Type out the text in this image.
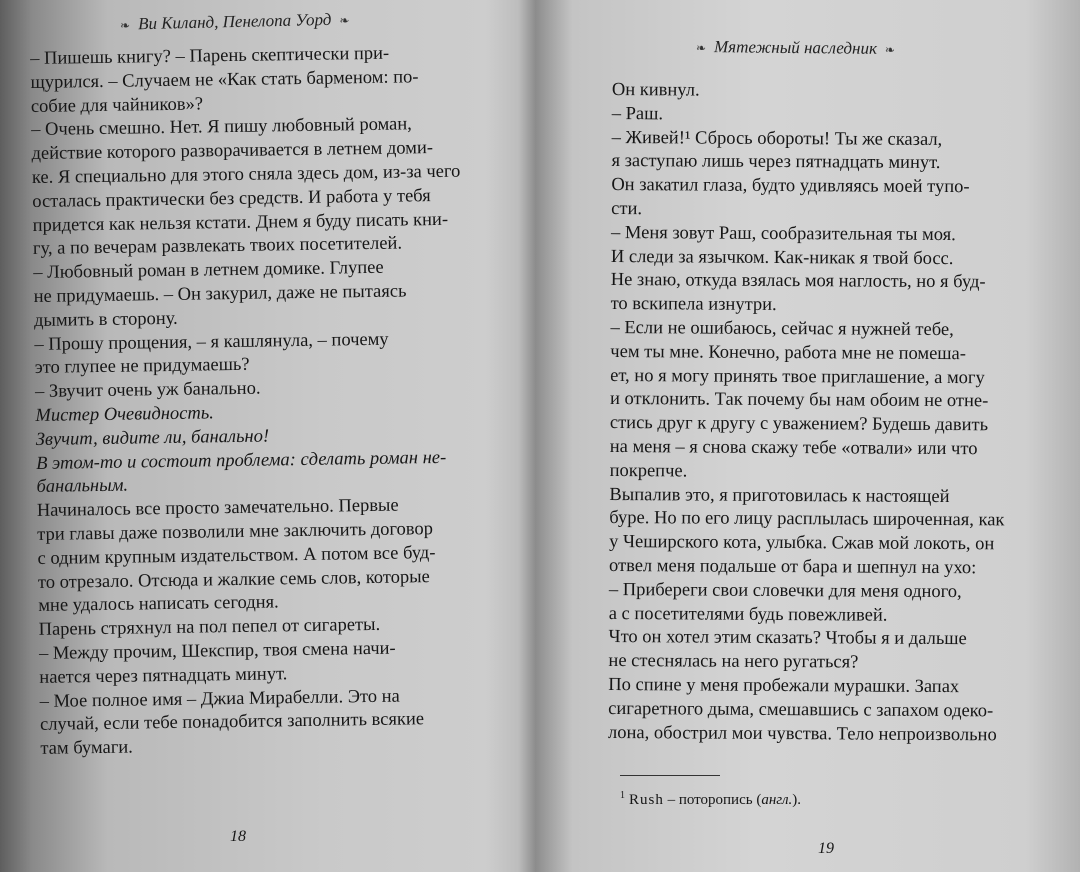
❧ Ви Киланд, Пенелопа Уорд ❧
– Пишешь книгу? – Парень скептически при-
щурился. – Случаем не «Как стать барменом: по-
собие для чайников»?
– Очень смешно. Нет. Я пишу любовный роман,
действие которого разворачивается в летнем доми-
ке. Я специально для этого сняла здесь дом, из-за чего
осталась практически без средств. И работа у тебя
придется как нельзя кстати. Днем я буду писать кни-
гу, а по вечерам развлекать твоих посетителей.
– Любовный роман в летнем домике. Глупее
не придумаешь. – Он закурил, даже не пытаясь
дымить в сторону.
– Прошу прощения, – я кашлянула, – почему
это глупее не придумаешь?
– Звучит очень уж банально.
Мистер Очевидность.
Звучит, видите ли, банально!
В этом-то и состоит проблема: сделать роман не-
банальным.
Начиналось все просто замечательно. Первые
три главы даже позволили мне заключить договор
с одним крупным издательством. А потом все буд-
то отрезало. Отсюда и жалкие семь слов, которые
мне удалось написать сегодня.
Парень стряхнул на пол пепел от сигареты.
– Между прочим, Шекспир, твоя смена начи-
нается через пятнадцать минут.
– Мое полное имя – Джиа Мирабелли. Это на
случай, если тебе понадобится заполнить всякие
там бумаги.
18
❧ Мятежный наследник ❧
Он кивнул.
– Раш.
– Живей!¹ Сбрось обороты! Ты же сказал,
я заступаю лишь через пятнадцать минут.
Он закатил глаза, будто удивляясь моей тупо-
сти.
– Меня зовут Раш, сообразительная ты моя.
И следи за язычком. Как-никак я твой босс.
Не знаю, откуда взялась моя наглость, но я буд-
то вскипела изнутри.
– Если не ошибаюсь, сейчас я нужней тебе,
чем ты мне. Конечно, работа мне не помеша-
ет, но я могу принять твое приглашение, а могу
и отклонить. Так почему бы нам обоим не отне-
стись друг к другу с уважением? Будешь давить
на меня – я снова скажу тебе «отвали» или что
покрепче.
Выпалив это, я приготовилась к настоящей
буре. Но по его лицу расплылась широченная, как
у Чеширского кота, улыбка. Сжав мой локоть, он
отвел меня подальше от бара и шепнул на ухо:
– Прибереги свои словечки для меня одного,
а с посетителями будь повежливей.
Что он хотел этим сказать? Чтобы я и дальше
не стеснялась на него ругаться?
По спине у меня пробежали мурашки. Запах
сигаретного дыма, смешавшись с запахом одеко-
лона, обострил мои чувства. Тело непроизвольно
$^1$ Rush – поторопись (англ.).
19
